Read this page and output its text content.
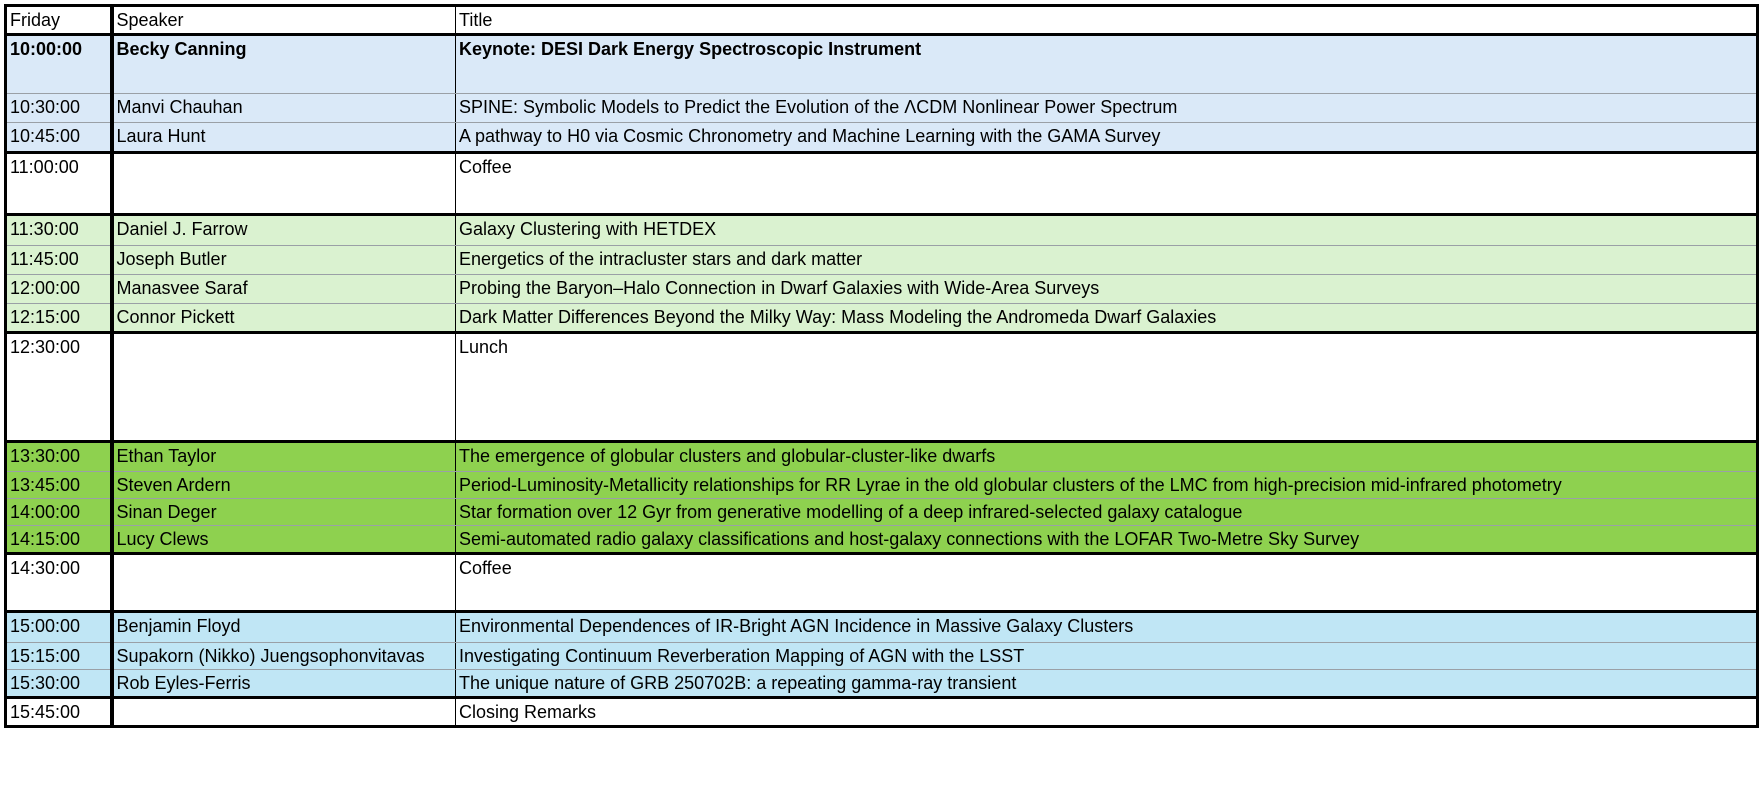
Friday	Speaker	Title
10:00:00	Becky Canning	Keynote: DESI Dark Energy Spectroscopic Instrument
10:30:00	Manvi Chauhan	SPINE: Symbolic Models to Predict the Evolution of the ΛCDM Nonlinear Power Spectrum
10:45:00	Laura Hunt	A pathway to H0 via Cosmic Chronometry and Machine Learning with the GAMA Survey
11:00:00		Coffee
11:30:00	Daniel J. Farrow	Galaxy Clustering with HETDEX
11:45:00	Joseph Butler	Energetics of the intracluster stars and dark matter
12:00:00	Manasvee Saraf	Probing the Baryon–Halo Connection in Dwarf Galaxies with Wide-Area Surveys
12:15:00	Connor Pickett	Dark Matter Differences Beyond the Milky Way: Mass Modeling the Andromeda Dwarf Galaxies
12:30:00		Lunch
13:30:00	Ethan Taylor	The emergence of globular clusters and globular-cluster-like dwarfs
13:45:00	Steven Ardern	Period-Luminosity-Metallicity relationships for RR Lyrae in the old globular clusters of the LMC from high-precision mid-infrared photometry
14:00:00	Sinan Deger	Star formation over 12 Gyr from generative modelling of a deep infrared-selected galaxy catalogue
14:15:00	Lucy Clews	Semi-automated radio galaxy classifications and host-galaxy connections with the LOFAR Two-Metre Sky Survey
14:30:00		Coffee
15:00:00	Benjamin Floyd	Environmental Dependences of IR-Bright AGN Incidence in Massive Galaxy Clusters
15:15:00	Supakorn (Nikko) Juengsophonvitavas	Investigating Continuum Reverberation Mapping of AGN with the LSST
15:30:00	Rob Eyles-Ferris	The unique nature of GRB 250702B: a repeating gamma-ray transient
15:45:00		Closing Remarks
